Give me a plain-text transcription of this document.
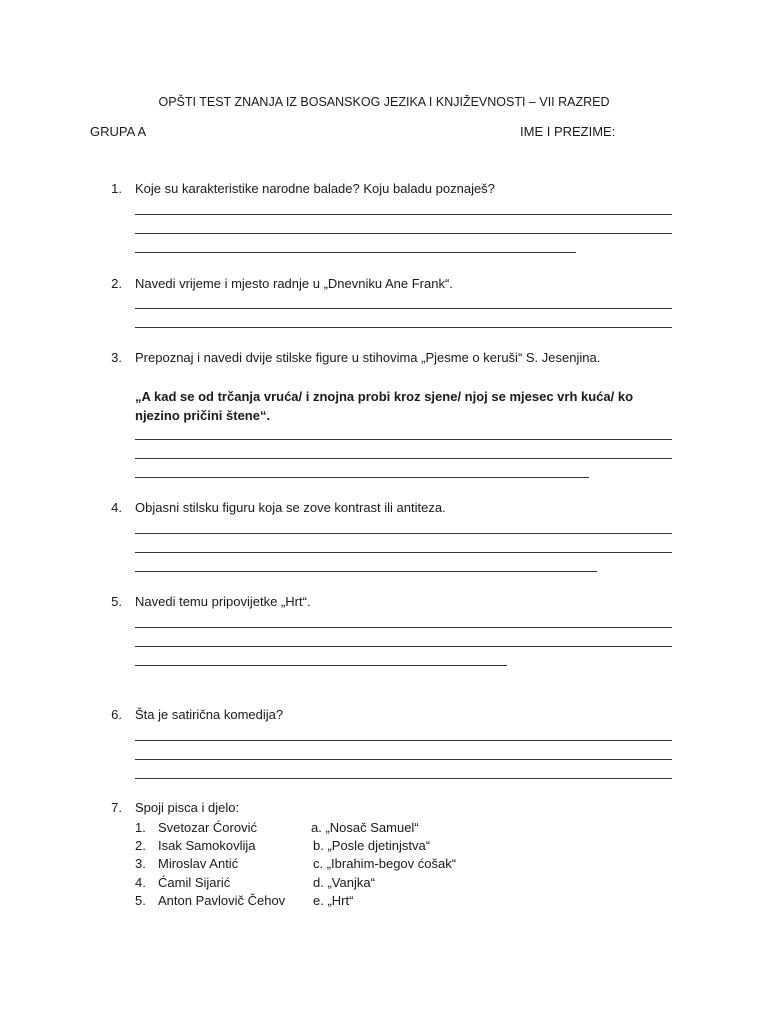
OPŠTI TEST ZNANJA IZ BOSANSKOG JEZIKA I KNJIŽEVNOSTI – VII RAZRED
GRUPA A	IME I PREZIME:
1. Koje su karakteristike narodne balade? Koju baladu poznaješ?
2. Navedi vrijeme i mjesto radnje u „Dnevniku Ane Frank“.
3. Prepoznaj i navedi dvije stilske figure u stihovima „Pjesme o keruši“ S. Jesenjina.
„A kad se od trčanja vruća/ i znojna probi kroz sjene/ njoj se mjesec vrh kuća/ ko njezino pričini štene“.
4. Objasni stilsku figuru koja se zove kontrast ili antiteza.
5. Navedi temu pripovijetke „Hrt“.
6. Šta je satirična komedija?
7. Spoji pisca i djelo:
1. Svetozar Ćorović	a. „Nosač Samuel“
2. Isak Samokovlija	b. „Posle djetinjstva“
3. Miroslav Antić	c. „Ibrahim-begov ćošak“
4. Ćamil Sijarić	d. „Vanjka“
5. Anton Pavlovič Čehov e. „Hrt“
